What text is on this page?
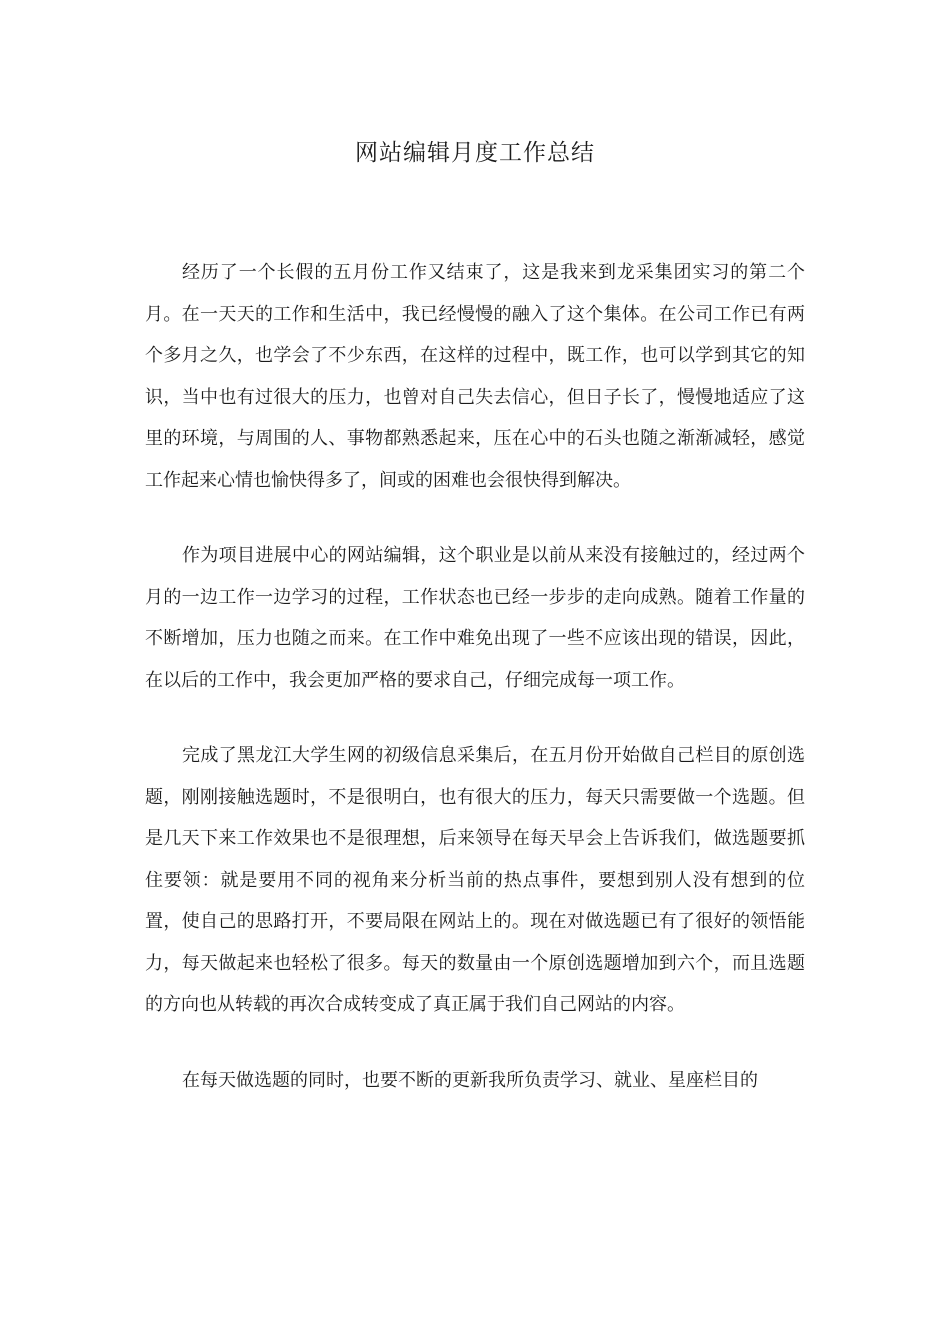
网站编辑月度工作总结

经历了一个长假的五月份工作又结束了，这是我来到龙采集团实习的第二个月。在一天天的工作和生活中，我已经慢慢的融入了这个集体。在公司工作已有两个多月之久，也学会了不少东西，在这样的过程中，既工作，也可以学到其它的知识，当中也有过很大的压力，也曾对自己失去信心，但日子长了，慢慢地适应了这里的环境，与周围的人、事物都熟悉起来，压在心中的石头也随之渐渐减轻，感觉工作起来心情也愉快得多了，间或的困难也会很快得到解决。

作为项目进展中心的网站编辑，这个职业是以前从来没有接触过的，经过两个月的一边工作一边学习的过程，工作状态也已经一步步的走向成熟。随着工作量的不断增加，压力也随之而来。在工作中难免出现了一些不应该出现的错误，因此，在以后的工作中，我会更加严格的要求自己，仔细完成每一项工作。

完成了黑龙江大学生网的初级信息采集后，在五月份开始做自己栏目的原创选题，刚刚接触选题时，不是很明白，也有很大的压力，每天只需要做一个选题。但是几天下来工作效果也不是很理想，后来领导在每天早会上告诉我们，做选题要抓住要领：就是要用不同的视角来分析当前的热点事件，要想到别人没有想到的位置，使自己的思路打开，不要局限在网站上的。现在对做选题已有了很好的领悟能力，每天做起来也轻松了很多。每天的数量由一个原创选题增加到六个，而且选题的方向也从转载的再次合成转变成了真正属于我们自己网站的内容。

在每天做选题的同时，也要不断的更新我所负责学习、就业、星座栏目的
